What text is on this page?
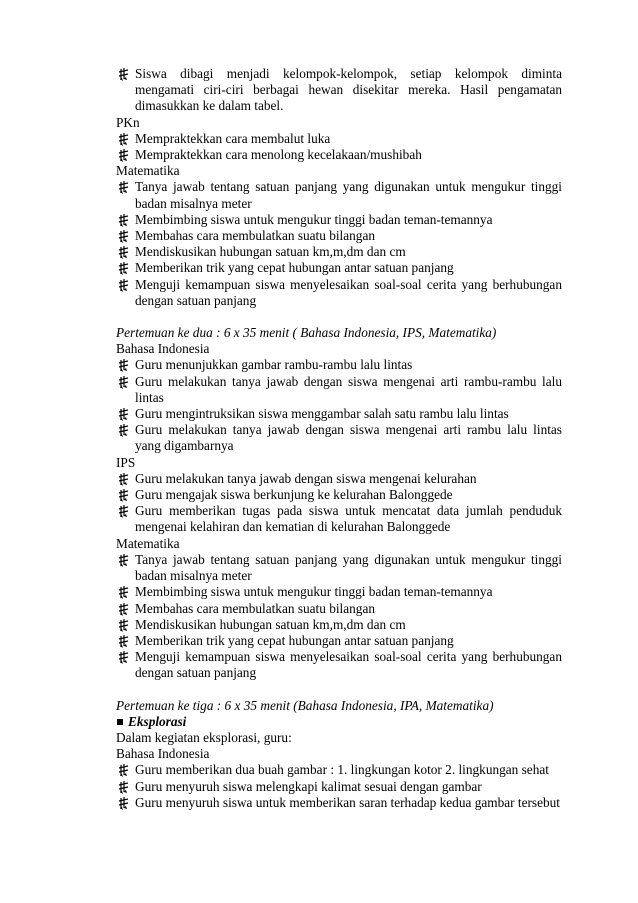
Siswa dibagi menjadi kelompok-kelompok, setiap kelompok diminta mengamati ciri-ciri berbagai hewan disekitar mereka. Hasil pengamatan dimasukkan ke dalam tabel.
PKn
Mempraktekkan cara membalut luka
Mempraktekkan cara menolong kecelakaan/mushibah
Matematika
Tanya jawab tentang satuan panjang yang digunakan untuk mengukur tinggi badan misalnya meter
Membimbing siswa untuk mengukur tinggi badan teman-temannya
Membahas cara membulatkan suatu bilangan
Mendiskusikan hubungan satuan km,m,dm dan cm
Memberikan trik yang cepat hubungan antar satuan panjang
Menguji kemampuan siswa menyelesaikan soal-soal cerita yang berhubungan dengan satuan panjang
Pertemuan ke dua : 6 x 35 menit ( Bahasa Indonesia, IPS, Matematika)
Bahasa Indonesia
Guru menunjukkan gambar rambu-rambu lalu lintas
Guru melakukan tanya jawab dengan siswa mengenai arti rambu-rambu lalu lintas
Guru mengintruksikan siswa menggambar salah satu rambu lalu lintas
Guru melakukan tanya jawab dengan siswa mengenai arti rambu lalu lintas yang digambarnya
IPS
Guru melakukan tanya jawab dengan siswa mengenai kelurahan
Guru mengajak siswa berkunjung ke kelurahan Balonggede
Guru memberikan tugas pada siswa untuk mencatat data jumlah penduduk mengenai kelahiran dan kematian di kelurahan Balonggede
Matematika
Tanya jawab tentang satuan panjang yang digunakan untuk mengukur tinggi badan misalnya meter
Membimbing siswa untuk mengukur tinggi badan teman-temannya
Membahas cara membulatkan suatu bilangan
Mendiskusikan hubungan satuan km,m,dm dan cm
Memberikan trik yang cepat hubungan antar satuan panjang
Menguji kemampuan siswa menyelesaikan soal-soal cerita yang berhubungan dengan satuan panjang
Pertemuan ke tiga : 6 x 35 menit (Bahasa Indonesia, IPA, Matematika)
Eksplorasi
Dalam kegiatan eksplorasi, guru:
Bahasa Indonesia
Guru memberikan dua buah gambar : 1. lingkungan kotor 2. lingkungan sehat
Guru menyuruh siswa melengkapi kalimat sesuai dengan gambar
Guru menyuruh siswa untuk memberikan saran terhadap kedua gambar tersebut
